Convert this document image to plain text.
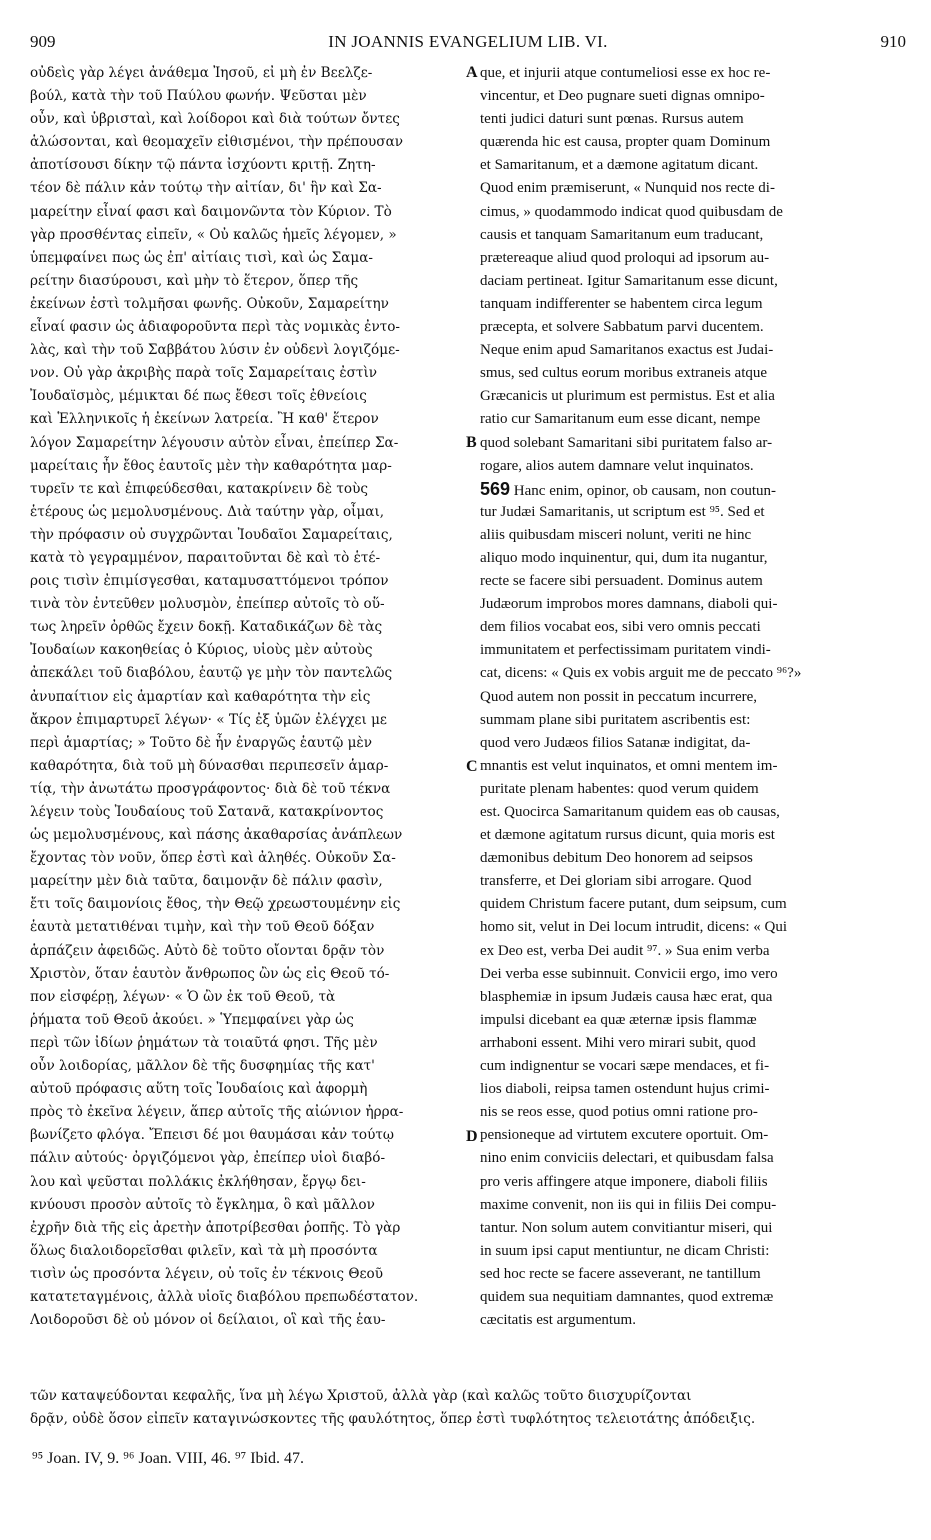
909	IN JOANNIS EVANGELIUM LIB. VI.	910
οὐδεὶς γὰρ λέγει ἀνάθεμα Ἰησοῦ, εἰ μὴ ἐν Βεελζε-
βούλ, κατὰ τὴν τοῦ Παύλου φωνήν. Ψεῦσται μὲν
οὖν, καὶ ὑβρισταὶ, καὶ λοίδοροι καὶ διὰ τούτων ὄντες
ἁλώσονται, καὶ θεομαχεῖν εἰθισμένοι, τὴν πρέπουσαν
ἀποτίσουσι δίκην τῷ πάντα ἰσχύοντι κριτῇ. Ζητη-
τέον δὲ πάλιν κἀν τούτῳ τὴν αἰτίαν, δι' ἣν καὶ Σα-
μαρείτην εἶναί φασι καὶ δαιμονῶντα τὸν Κύριον. Τὸ
γὰρ προσθέντας εἰπεῖν, « Οὐ καλῶς ἡμεῖς λέγομεν, »
ὑπεμφαίνει πως ὡς ἐπ' αἰτίαις τισὶ, καὶ ὡς Σαμα-
ρείτην διασύρουσι, καὶ μὴν τὸ ἕτερον, ὅπερ τῆς
ἐκείνων ἐστὶ τολμῆσαι φωνῆς. Οὐκοῦν, Σαμαρείτην
εἶναί φασιν ὡς ἀδιαφοροῦντα περὶ τὰς νομικὰς ἐντο-
λὰς, καὶ τὴν τοῦ Σαββάτου λύσιν ἐν οὐδενὶ λογιζόμε-
νον. Οὐ γὰρ ἀκριβὴς παρὰ τοῖς Σαμαρείταις ἐστὶν
Ἰουδαϊσμὸς, μέμικται δέ πως ἔθεσι τοῖς ἐθνείοις
καὶ Ἑλληνικοῖς ἡ ἐκείνων λατρεία. Ἢ καθ' ἕτερον
λόγον Σαμαρείτην λέγουσιν αὐτὸν εἶναι, ἐπείπερ Σα-
μαρείταις ἦν ἔθος ἑαυτοῖς μὲν τὴν καθαρότητα μαρ-
τυρεῖν τε καὶ ἐπιφεύδεσθαι, κατακρίνειν δὲ τοὺς
ἑτέρους ὡς μεμολυσμένους. Διὰ ταύτην γὰρ, οἶμαι,
τὴν πρόφασιν οὐ συγχρῶνται Ἰουδαῖοι Σαμαρείταις,
κατὰ τὸ γεγραμμένον, παραιτοῦνται δὲ καὶ τὸ ἑτέ-
ροις τισὶν ἐπιμίσγεσθαι, καταμυσαττόμενοι τρόπον
τινὰ τὸν ἐντεῦθεν μολυσμὸν, ἐπείπερ αὐτοῖς τὸ οὕ-
τως ληρεῖν ὀρθῶς ἔχειν δοκῇ. Καταδικάζων δὲ τὰς
Ἰουδαίων κακοηθείας ὁ Κύριος, υἱοὺς μὲν αὐτοὺς
ἀπεκάλει τοῦ διαβόλου, ἑαυτῷ γε μὴν τὸν παντελῶς
ἀνυπαίτιον εἰς ἁμαρτίαν καὶ καθαρότητα τὴν εἰς
ἄκρον ἐπιμαρτυρεῖ λέγων· « Τίς ἐξ ὑμῶν ἐλέγχει με
περὶ ἁμαρτίας; » Τοῦτο δὲ ἦν ἐναργῶς ἑαυτῷ μὲν
καθαρότητα, διὰ τοῦ μὴ δύνασθαι περιπεσεῖν ἁμαρ-
τίᾳ, τὴν ἀνωτάτω προσγράφοντος· διὰ δὲ τοῦ τέκνα
λέγειν τοὺς Ἰουδαίους τοῦ Σατανᾶ, κατακρίνοντος
ὡς μεμολυσμένους, καὶ πάσης ἀκαθαρσίας ἀνάπλεων
ἔχοντας τὸν νοῦν, ὅπερ ἐστὶ καὶ ἀληθές. Οὐκοῦν Σα-
μαρείτην μὲν διὰ ταῦτα, δαιμονᾷν δὲ πάλιν φασὶν,
ἔτι τοῖς δαιμονίοις ἔθος, τὴν Θεῷ χρεωστουμένην εἰς
ἑαυτὰ μετατιθέναι τιμὴν, καὶ τὴν τοῦ Θεοῦ δόξαν
ἁρπάζειν ἀφειδῶς. Αὐτὸ δὲ τοῦτο οἴονται δρᾷν τὸν
Χριστὸν, ὅταν ἑαυτὸν ἄνθρωπος ὢν ὡς εἰς Θεοῦ τό-
πον εἰσφέρῃ, λέγων· « Ὁ ὢν ἐκ τοῦ Θεοῦ, τὰ
ῥήματα τοῦ Θεοῦ ἀκούει. » Ὑπεμφαίνει γὰρ ὡς
περὶ τῶν ἰδίων ῥημάτων τὰ τοιαῦτά φησι. Τῆς μὲν
οὖν λοιδορίας, μᾶλλον δὲ τῆς δυσφημίας τῆς κατ'
αὐτοῦ πρόφασις αὕτη τοῖς Ἰουδαίοις καὶ ἀφορμὴ
πρὸς τὸ ἐκεῖνα λέγειν, ἅπερ αὐτοῖς τῆς αἰώνιον ἠρρα-
βωνίζετο φλόγα. Ἔπεισι δέ μοι θαυμάσαι κἀν τούτῳ
πάλιν αὐτούς· ὀργιζόμενοι γὰρ, ἐπείπερ υἱοὶ διαβό-
λου καὶ ψεῦσται πολλάκις ἐκλήθησαν, ἔργῳ δει-
κνύουσι προσὸν αὐτοῖς τὸ ἔγκλημα, ὃ καὶ μᾶλλον
ἐχρῆν διὰ τῆς εἰς ἀρετὴν ἀποτρίβεσθαι ῥοπῆς. Τὸ γὰρ
ὅλως διαλοιδορεῖσθαι φιλεῖν, καὶ τὰ μὴ προσόντα
τισὶν ὡς προσόντα λέγειν, οὐ τοῖς ἐν τέκνοις Θεοῦ
κατατεταγμένοις, ἀλλὰ υἱοῖς διαβόλου πρεπωδέστατον.
Λοιδοροῦσι δὲ οὐ μόνον οἱ δείλαιοι, οἳ καὶ τῆς ἑαυ-
que, et injurii atque contumeliosi esse ex hoc re-
vincentur, et Deo pugnare sueti dignas omnipo-
tenti judici daturi sunt pœnas. Rursus autem
quærenda hic est causa, propter quam Dominum
et Samaritanum, et a dæmone agitatum dicant.
Quod enim præmiserunt, « Nunquid nos recte di-
cimus, » quodammodo indicat quod quibusdam de
causis et tanquam Samaritanum eum traducant,
prætereaque aliud quod proloqui ad ipsorum au-
daciam pertineat. Igitur Samaritanum esse dicunt,
tanquam indifferenter se habentem circa legum
præcepta, et solvere Sabbatum parvi ducentem.
Neque enim apud Samaritanos exactus est Judai-
smus, sed cultus eorum moribus extraneis atque
Græcanicis ut plurimum est permistus. Est et alia
ratio cur Samaritanum eum esse dicant, nempe
quod solebant Samaritani sibi puritatem falso ar-
rogare, alios autem damnare velut inquinatos.
569 Hanc enim, opinor, ob causam, non coutun-
tur Judæi Samaritanis, ut scriptum est ⁹⁵. Sed et
aliis quibusdam misceri nolunt, veriti ne hinc
aliquo modo inquinentur, qui, dum ita nugantur,
recte se facere sibi persuadent. Dominus autem
Judæorum improbos mores damnans, diaboli qui-
dem filios vocabat eos, sibi vero omnis peccati
immunitatem et perfectissimam puritatem vindi-
cat, dicens: « Quis ex vobis arguit me de peccato ⁹⁶?»
Quod autem non possit in peccatum incurrere,
summam plane sibi puritatem ascribentis est:
quod vero Judæos filios Satanæ indigitat, da-
mnantis est velut inquinatos, et omni mentem im-
puritate plenam habentes: quod verum quidem
est. Quocirca Samaritanum quidem eas ob causas,
et dæmone agitatum rursus dicunt, quia moris est
dæmonibus debitum Deo honorem ad seipsos
transferre, et Dei gloriam sibi arrogare. Quod
quidem Christum facere putant, dum seipsum, cum
homo sit, velut in Dei locum intrudit, dicens: « Qui
ex Deo est, verba Dei audit ⁹⁷. » Sua enim verba
Dei verba esse subinnuit. Convicii ergo, imo vero
blasphemiæ in ipsum Judæis causa hæc erat, qua
impulsi dicebant ea quæ æternæ ipsis flammæ
arrhaboni essent. Mihi vero mirari subit, quod
cum indignentur se vocari sæpe mendaces, et fi-
lios diaboli, reipsa tamen ostendunt hujus crimi-
nis se reos esse, quod potius omni ratione pro-
pensioneque ad virtutem excutere oportuit. Om-
nino enim conviciis delectari, et quibusdam falsa
pro veris affingere atque imponere, diaboli filiis
maxime convenit, non iis qui in filiis Dei compu-
tantur. Non solum autem convitiantur miseri, qui
in suum ipsi caput mentiuntur, ne dicam Christi:
sed hoc recte se facere asseverant, ne tantillum
quidem sua nequitiam damnantes, quod extremæ
cæcitatis est argumentum.
A
B
C
D
τῶν καταψεύδονται κεφαλῆς, ἵνα μὴ λέγω Χριστοῦ, ἀλλὰ γὰρ (καὶ καλῶς τοῦτο διισχυρίζονται
δρᾷν, οὐδὲ ὅσον εἰπεῖν καταγινώσκοντες τῆς φαυλότητος, ὅπερ ἐστὶ τυφλότητος τελειοτάτης ἀπόδειξις.
⁹⁵ Joan. IV, 9. ⁹⁶ Joan. VIII, 46. ⁹⁷ Ibid. 47.
